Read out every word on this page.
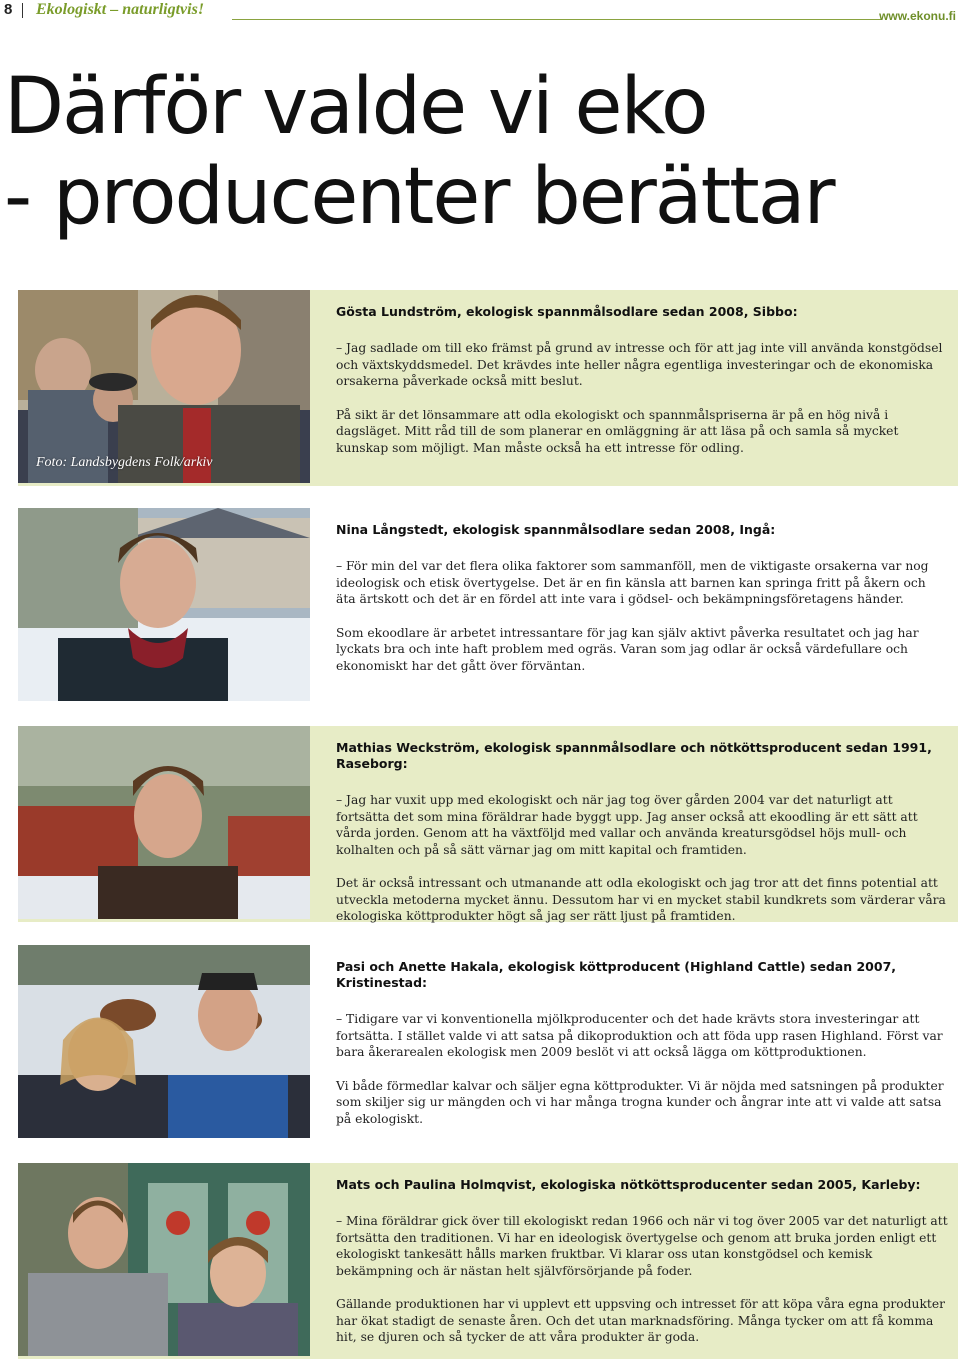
8 Ekologiskt – naturligtvis!	www.ekonu.fi
Därför valde vi eko
- producenter berättar
Foto: Landsbygdens Folk/arkiv
Gösta Lundström, ekologisk spannmålsodlare sedan 2008, Sibbo:

– Jag sadlade om till eko främst på grund av intresse och för att jag inte vill använda konstgödsel och växtskyddsmedel. Det krävdes inte heller några egentliga investeringar och de ekonomiska orsakerna påverkade också mitt beslut.

På sikt är det lönsammare att odla ekologiskt och spannmålspriserna är på en hög nivå i dagsläget. Mitt råd till de som planerar en omläggning är att läsa på och samla så mycket kunskap som möjligt. Man måste också ha ett intresse för odling.

Nina Långstedt, ekologisk spannmålsodlare sedan 2008, Ingå:

– För min del var det flera olika faktorer som sammanföll, men de viktigaste orsakerna var nog ideologisk och etisk övertygelse. Det är en fin känsla att barnen kan springa fritt på åkern och äta ärtskott och det är en fördel att inte vara i gödsel- och bekämpningsföretagens händer.

Som ekoodlare är arbetet intressantare för jag kan själv aktivt påverka resultatet och jag har lyckats bra och inte haft problem med ogräs. Varan som jag odlar är också värdefullare och ekonomiskt har det gått över förväntan.

Mathias Weckström, ekologisk spannmålsodlare och nötköttsproducent sedan 1991, Raseborg:

– Jag har vuxit upp med ekologiskt och när jag tog över gården 2004 var det naturligt att fortsätta det som mina föräldrar hade byggt upp. Jag anser också att ekoodling är ett sätt att vårda jorden. Genom att ha växtföljd med vallar och använda kreatursgödsel höjs mull- och kolhalten och på så sätt värnar jag om mitt kapital och framtiden.

Det är också intressant och utmanande att odla ekologiskt och jag tror att det finns potential att utveckla metoderna mycket ännu. Dessutom har vi en mycket stabil kundkrets som värderar våra ekologiska köttprodukter högt så jag ser rätt ljust på framtiden.

Pasi och Anette Hakala, ekologisk köttproducent (Highland Cattle) sedan 2007, Kristinestad:

– Tidigare var vi konventionella mjölkproducenter och det hade krävts stora investeringar att fortsätta. I stället valde vi att satsa på dikoproduktion och att föda upp rasen Highland. Först var bara åkerarealen ekologisk men 2009 beslöt vi att också lägga om köttproduktionen.

Vi både förmedlar kalvar och säljer egna köttprodukter. Vi är nöjda med satsningen på produkter som skiljer sig ur mängden och vi har många trogna kunder och ångrar inte att vi valde att satsa på ekologiskt.

Mats och Paulina Holmqvist, ekologiska nötköttsproducenter sedan 2005, Karleby:

– Mina föräldrar gick över till ekologiskt redan 1966 och när vi tog över 2005 var det naturligt att fortsätta den traditionen. Vi har en ideologisk övertygelse och genom att bruka jorden enligt ett ekologiskt tankesätt hålls marken fruktbar. Vi klarar oss utan konstgödsel och kemisk bekämpning och är nästan helt självförsörjande på foder.

Gällande produktionen har vi upplevt ett uppsving och intresset för att köpa våra egna produkter har ökat stadigt de senaste åren. Och det utan marknadsföring. Många tycker om att få komma hit, se djuren och så tycker de att våra produkter är goda.
